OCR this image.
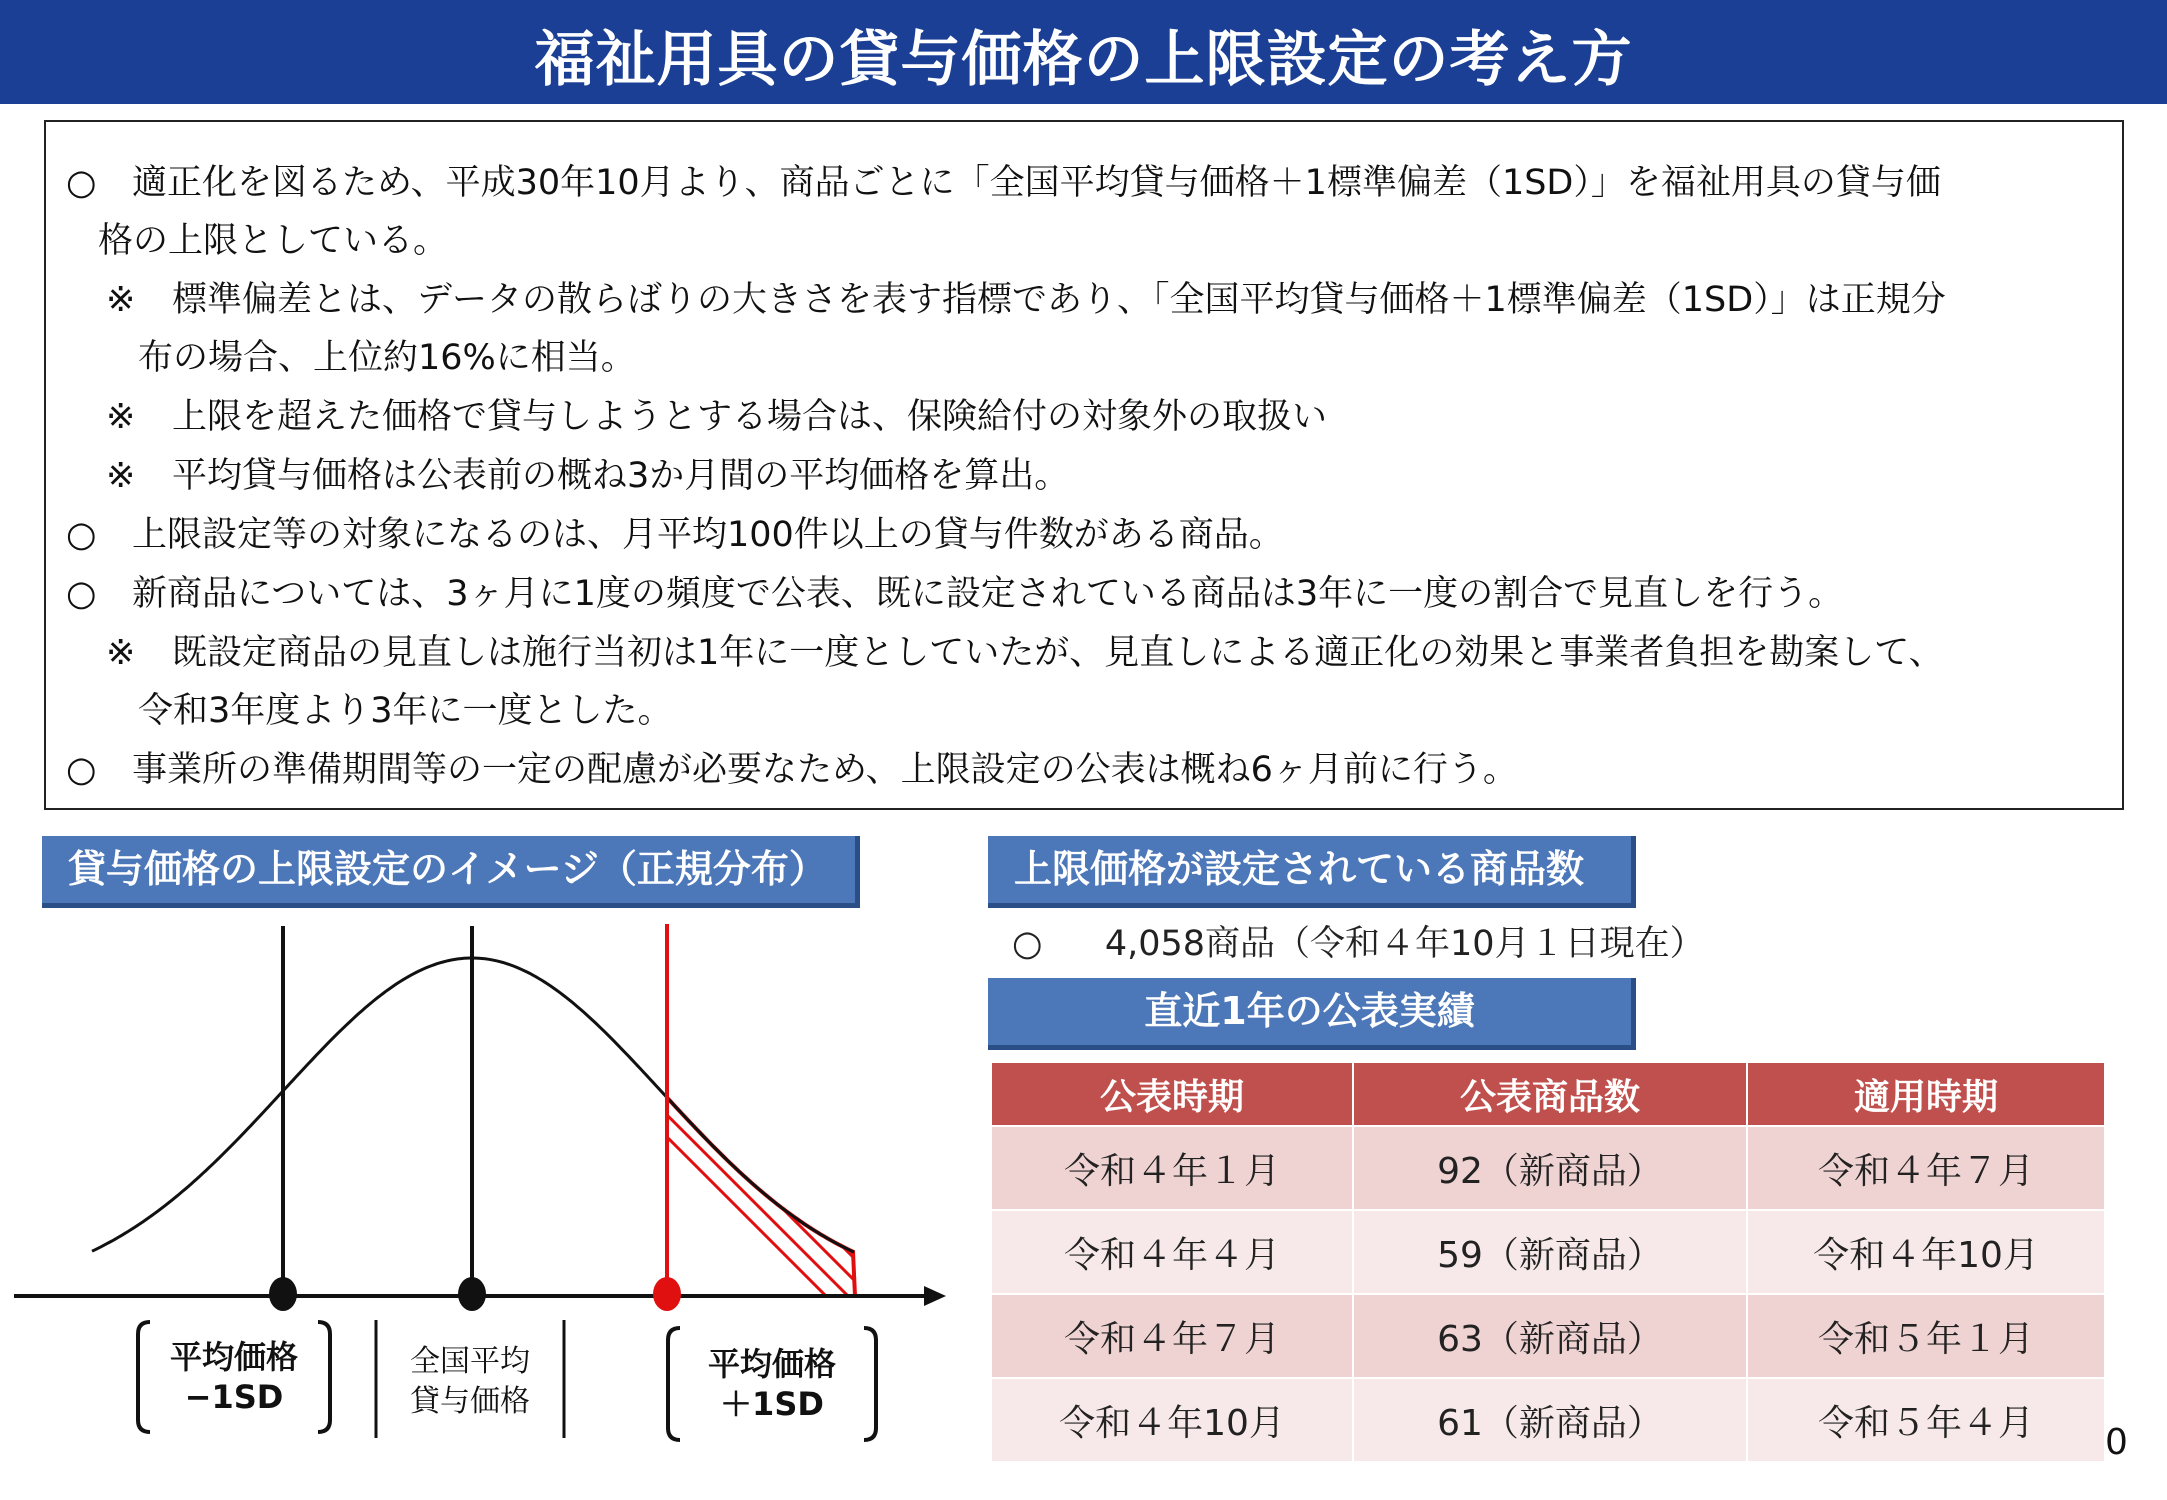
福祉用具の貸与価格の上限設定の考え方
○ 適正化を図るため、平成30年10月より、商品ごとに「全国平均貸与価格＋1標準偏差（1SD）」を福祉用具の貸与価
格の上限としている。
※ 標準偏差とは、データの散らばりの大きさを表す指標であり、「全国平均貸与価格＋1標準偏差（1SD）」は正規分
布の場合、上位約16%に相当。
※ 上限を超えた価格で貸与しようとする場合は、保険給付の対象外の取扱い
※ 平均貸与価格は公表前の概ね3か月間の平均価格を算出。
○ 上限設定等の対象になるのは、月平均100件以上の貸与件数がある商品。
○ 新商品については、3ヶ月に1度の頻度で公表、既に設定されている商品は3年に一度の割合で見直しを行う。
※ 既設定商品の見直しは施行当初は1年に一度としていたが、見直しによる適正化の効果と事業者負担を勘案して、
令和3年度より3年に一度とした。
○ 事業所の準備期間等の一定の配慮が必要なため、上限設定の公表は概ね6ヶ月前に行う。
貸与価格の上限設定のイメージ（正規分布）
平均価格
−1SD
全国平均
貸与価格
平均価格
＋1SD
上限価格が設定されている商品数
○ 4,058商品（令和４年10月１日現在）
直近1年の公表実績
公表時期	公表商品数	適用時期
令和４年１月	92（新商品）	令和４年７月
令和４年４月	59（新商品）	令和４年10月
令和４年７月	63（新商品）	令和５年１月
令和４年10月	61（新商品）	令和５年４月 0
